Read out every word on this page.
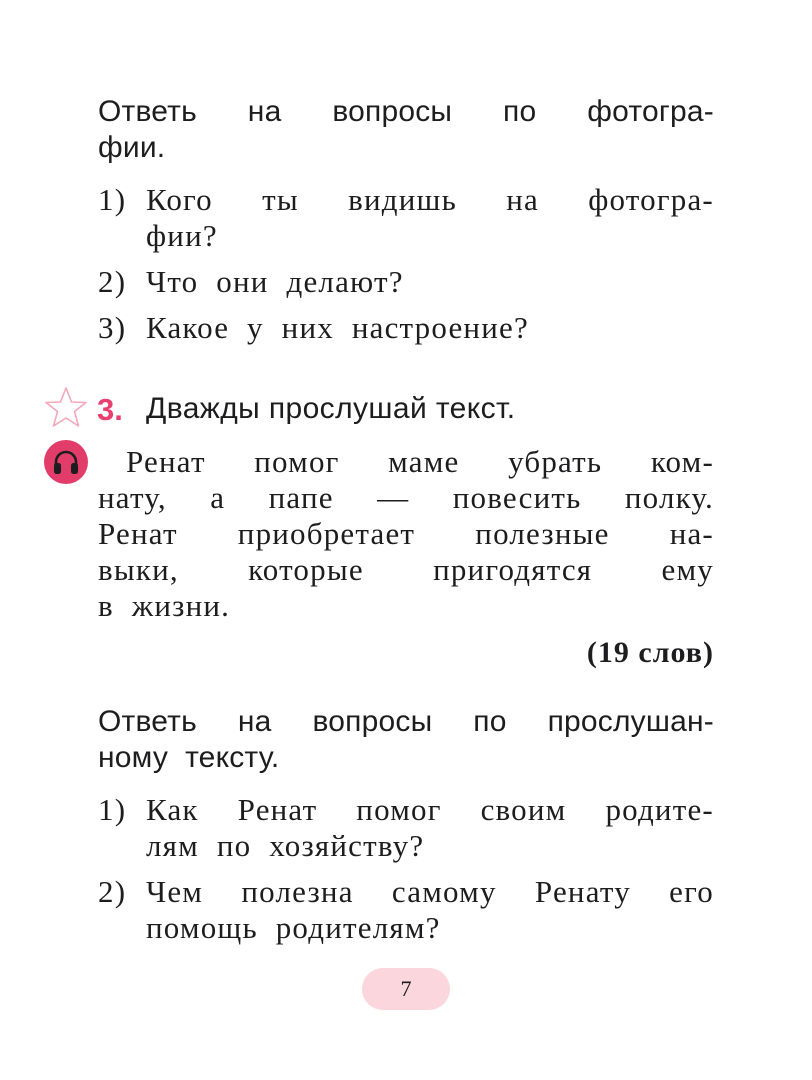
Ответь на вопросы по фотогра-
фии.
1) Кого ты видишь на фотогра-
фии?
2) Что  они  делают?
3) Какое  у  них  настроение?
3. Дважды прослушай текст.
Ренат помог маме убрать ком-
нату, а папе — повесить полку.
Ренат приобретает полезные на-
выки, которые пригодятся ему
в  жизни.
(19 слов)
Ответь на вопросы по прослушан-
ному  тексту.
1) Как Ренат помог своим родите-
лям  по  хозяйству?
2) Чем полезна самому Ренату его
помощь  родителям?
7
